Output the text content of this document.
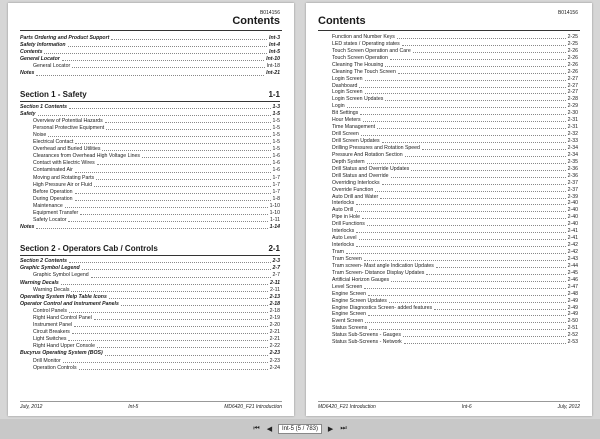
B014156
Contents
Parts Ordering and Product Support	Int-3
Safety Information	Int-4
Contents	Int-5
General Locator	Int-10
General Locator	Int-18
Notes	Int-21
Section 1 - Safety	1-1
Section 1 Contents	1-3
Safety	1-5
Overview of Potential Hazards	1-5
Personal Protective Equipment	1-5
Noise	1-5
Electrical Contact	1-5
Overhead and Buried Utilities	1-5
Clearances from Overhead High Voltage Lines	1-6
Contact with Electric Wires	1-6
Contaminated Air	1-6
Moving and Rotating Parts	1-7
High Pressure Air or Fluid	1-7
Before Operation	1-7
During Operation	1-8
Maintenance	1-10
Equipment Transfer	1-10
Safety Locator	1-11
Notes	1-14
Section 2 - Operators Cab / Controls	2-1
Section 2 Contents	2-3
Graphic Symbol Legend	2-7
Graphic Symbol Legend	2-7
Warning Decals	2-11
Warning Decals	2-11
Operating System Help Table Icons	2-13
Operator Control and Instrument Panels	2-18
Control Panels	2-18
Right Hand Control Panel	2-19
Instrument Panel	2-20
Circuit Breakers	2-21
Light Switches	2-21
Right Hand Upper Console	2-22
Bucyrus Operating System (BOS)	2-23
Drill Monitor	2-23
Operation Controls	2-24
July, 2012	Int-5	MD6420_F21 Introduction
B014156
Contents
Function and Number Keys	2-25
LED states / Operating states	2-25
Touch Screen Operation and Care	2-26
Touch Screen Operation	2-26
Cleaning The Housing	2-26
Cleaning The Touch Screen	2-26
Login Screen	2-27
Dashboard	2-27
Login Screen	2-27
Login Screen Updates	2-28
Login	2-29
Bit Settings	2-30
Hour Meters	2-31
Time Management	2-31
Drill Screen	2-32
Drill Screen Updates	2-33
Drilling Pressures and Rotation Speed	2-34
Pressure And Rotation Section	2-34
Depth System	2-35
Drill Status and Override Updates	2-36
Drill Status and Override	2-36
Overriding Interlocks	2-37
Override Function	2-37
Auto Drill and Water	2-39
Interlocks	2-40
Auto Drill	2-40
Pipe in Hole	2-40
Drill Functions	2-40
Interlocks	2-41
Auto Level	2-41
Interlocks	2-42
Tram	2-42
Tram Screen	2-43
Tram screen- Mast angle Indication Updates	2-44
Tram Screen- Distance Display Updates	2-45
Artificial Horizon Gauges	2-46
Level Screen	2-47
Engine Screen	2-48
Engine Screen Updates	2-49
Engine Diagnostics Screen- added features	2-49
Engine Screen	2-49
Event Screen	2-50
Status Screens	2-51
Status Sub-Screens - Gauges	2-52
Status Sub-Screens - Network	2-53
MD6420_F21 Introduction	Int-6	July, 2012
⏮ ◀	Int-5 (5 / 783)	▶ ⏭
